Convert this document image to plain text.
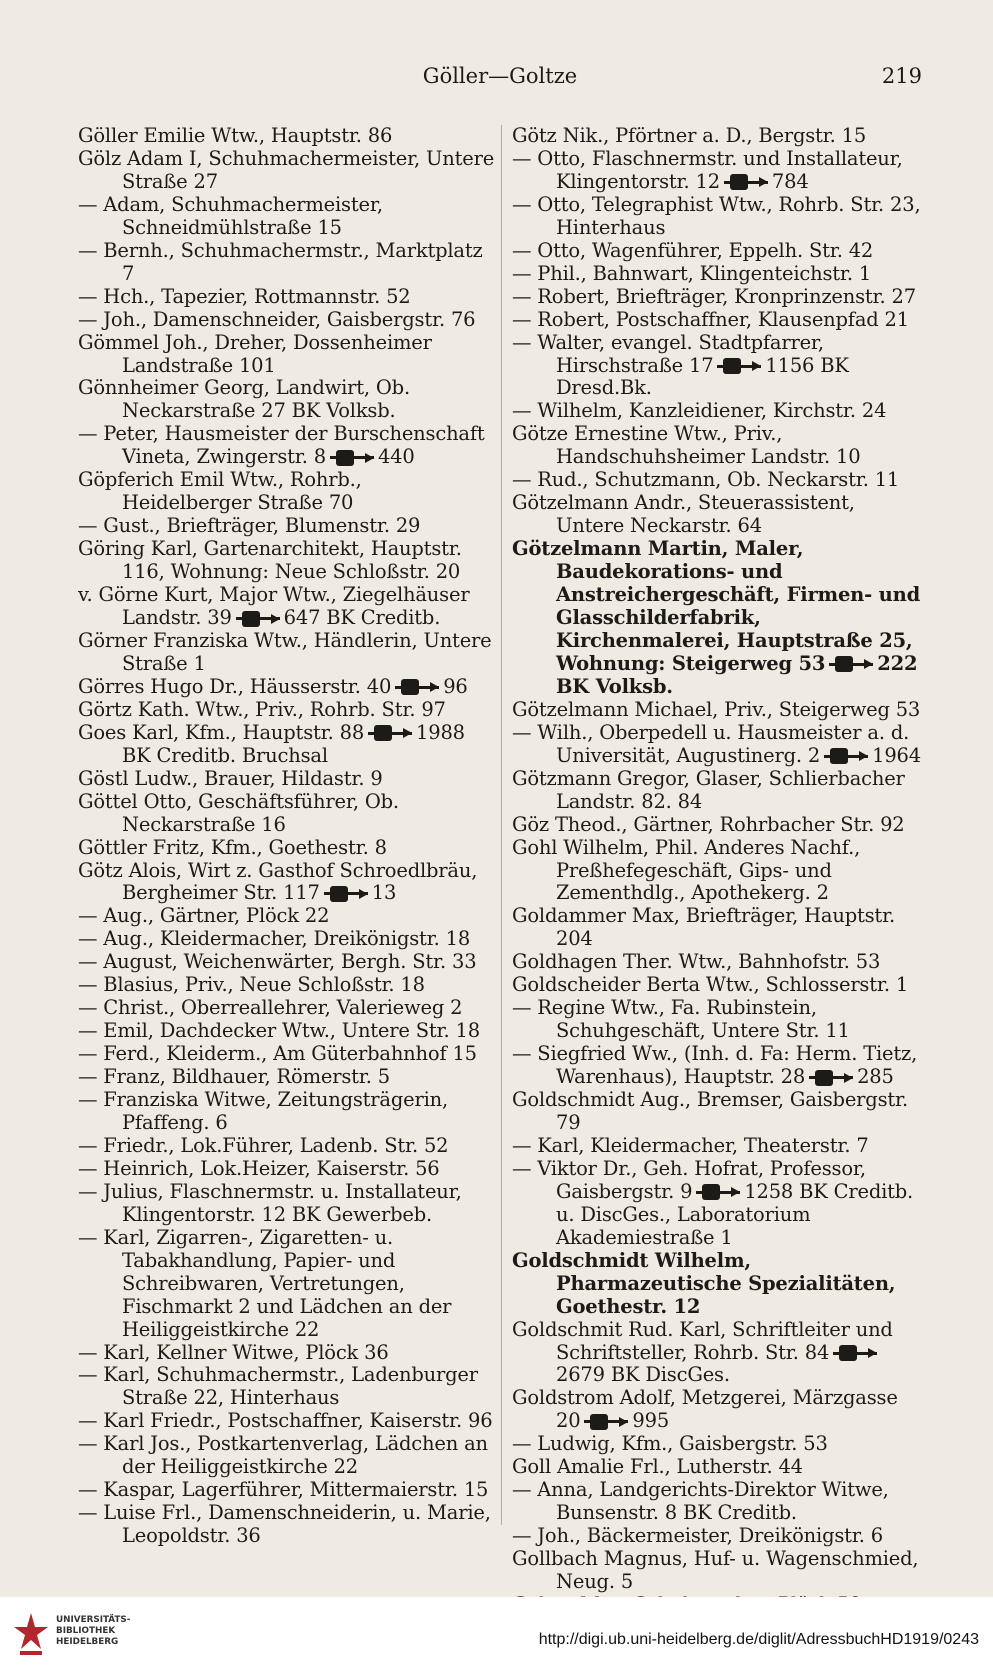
Göller—Goltze	219
Göller Emilie Wtw., Hauptstr. 86
Gölz Adam I, Schuhmachermeister, Untere Straße 27
— Adam, Schuhmachermeister, Schneidmühlstraße 15
— Bernh., Schuhmachermstr., Marktplatz 7
— Hch., Tapezier, Rottmannstr. 52
— Joh., Damenschneider, Gaisbergstr. 76
Gömmel Joh., Dreher, Dossenheimer Landstraße 101
Gönnheimer Georg, Landwirt, Ob. Neckarstraße 27 BK Volksb.
— Peter, Hausmeister der Burschenschaft Vineta, Zwingerstr. 8	440
Göpferich Emil Wtw., Rohrb., Heidelberger Straße 70
— Gust., Briefträger, Blumenstr. 29
Göring Karl, Gartenarchitekt, Hauptstr. 116, Wohnung: Neue Schloßstr. 20
v. Görne Kurt, Major Wtw., Ziegelhäuser Landstr. 39	647 BK Creditb.
Görner Franziska Wtw., Händlerin, Untere Straße 1
Görres Hugo Dr., Häusserstr. 40	96
Görtz Kath. Wtw., Priv., Rohrb. Str. 97
Goes Karl, Kfm., Hauptstr. 88	1988 BK Creditb. Bruchsal
Göstl Ludw., Brauer, Hildastr. 9
Göttel Otto, Geschäftsführer, Ob. Neckarstraße 16
Göttler Fritz, Kfm., Goethestr. 8
Götz Alois, Wirt z. Gasthof Schroedlbräu, Bergheimer Str. 117	13
— Aug., Gärtner, Plöck 22
— Aug., Kleidermacher, Dreikönigstr. 18
— August, Weichenwärter, Bergh. Str. 33
— Blasius, Priv., Neue Schloßstr. 18
— Christ., Oberreallehrer, Valerieweg 2
— Emil, Dachdecker Wtw., Untere Str. 18
— Ferd., Kleiderm., Am Güterbahnhof 15
— Franz, Bildhauer, Römerstr. 5
— Franziska Witwe, Zeitungsträgerin, Pfaffeng. 6
— Friedr., Lok.Führer, Ladenb. Str. 52
— Heinrich, Lok.Heizer, Kaiserstr. 56
— Julius, Flaschnermstr. u. Installateur, Klingentorstr. 12 BK Gewerbeb.
— Karl, Zigarren-, Zigaretten- u. Tabakhandlung, Papier- und Schreibwaren, Vertretungen, Fischmarkt 2 und Lädchen an der Heiliggeistkirche 22
— Karl, Kellner Witwe, Plöck 36
— Karl, Schuhmachermstr., Ladenburger Straße 22, Hinterhaus
— Karl Friedr., Postschaffner, Kaiserstr. 96
— Karl Jos., Postkartenverlag, Lädchen an der Heiliggeistkirche 22
— Kaspar, Lagerführer, Mittermaierstr. 15
— Luise Frl., Damenschneiderin, u. Marie, Leopoldstr. 36
Götz Nik., Pförtner a. D., Bergstr. 15
— Otto, Flaschnermstr. und Installateur, Klingentorstr. 12	784
— Otto, Telegraphist Wtw., Rohrb. Str. 23, Hinterhaus
— Otto, Wagenführer, Eppelh. Str. 42
— Phil., Bahnwart, Klingenteichstr. 1
— Robert, Briefträger, Kronprinzenstr. 27
— Robert, Postschaffner, Klausenpfad 21
— Walter, evangel. Stadtpfarrer, Hirschstraße 17	1156 BK Dresd.Bk.
— Wilhelm, Kanzleidiener, Kirchstr. 24
Götze Ernestine Wtw., Priv., Handschuhsheimer Landstr. 10
— Rud., Schutzmann, Ob. Neckarstr. 11
Götzelmann Andr., Steuerassistent, Untere Neckarstr. 64
Götzelmann Martin, Maler, Baudekorations- und Anstreichergeschäft, Firmen- und Glasschilderfabrik, Kirchenmalerei, Hauptstraße 25, Wohnung: Steigerweg 53	222 BK Volksb.
Götzelmann Michael, Priv., Steigerweg 53
— Wilh., Oberpedell u. Hausmeister a. d. Universität, Augustinerg. 2	1964
Götzmann Gregor, Glaser, Schlierbacher Landstr. 82. 84
Göz Theod., Gärtner, Rohrbacher Str. 92
Gohl Wilhelm, Phil. Anderes Nachf., Preßhefegeschäft, Gips- und Zementhdlg., Apothekerg. 2
Goldammer Max, Briefträger, Hauptstr. 204
Goldhagen Ther. Wtw., Bahnhofstr. 53
Goldscheider Berta Wtw., Schlosserstr. 1
— Regine Wtw., Fa. Rubinstein, Schuhgeschäft, Untere Str. 11
— Siegfried Ww., (Inh. d. Fa: Herm. Tietz, Warenhaus), Hauptstr. 28	285
Goldschmidt Aug., Bremser, Gaisbergstr. 79
— Karl, Kleidermacher, Theaterstr. 7
— Viktor Dr., Geh. Hofrat, Professor, Gaisbergstr. 9	1258 BK Creditb. u. DiscGes., Laboratorium Akademiestraße 1
Goldschmidt Wilhelm, Pharmazeutische Spezialitäten, Goethestr. 12
Goldschmit Rud. Karl, Schriftleiter und Schriftsteller, Rohrb. Str. 842679 BK DiscGes.
Goldstrom Adolf, Metzgerei, Märzgasse 20	995
— Ludwig, Kfm., Gaisbergstr. 53
Goll Amalie Frl., Lutherstr. 44
— Anna, Landgerichts-Direktor Witwe, Bunsenstr. 8 BK Creditb.
— Joh., Bäckermeister, Dreikönigstr. 6
Gollbach Magnus, Huf- u. Wagenschmied, Neug. 5
UNIVERSITÄTS-
BIBLIOTHEK
HEIDELBERG	http://digi.ub.uni-heidelberg.de/diglit/AdressbuchHD1919/0243
